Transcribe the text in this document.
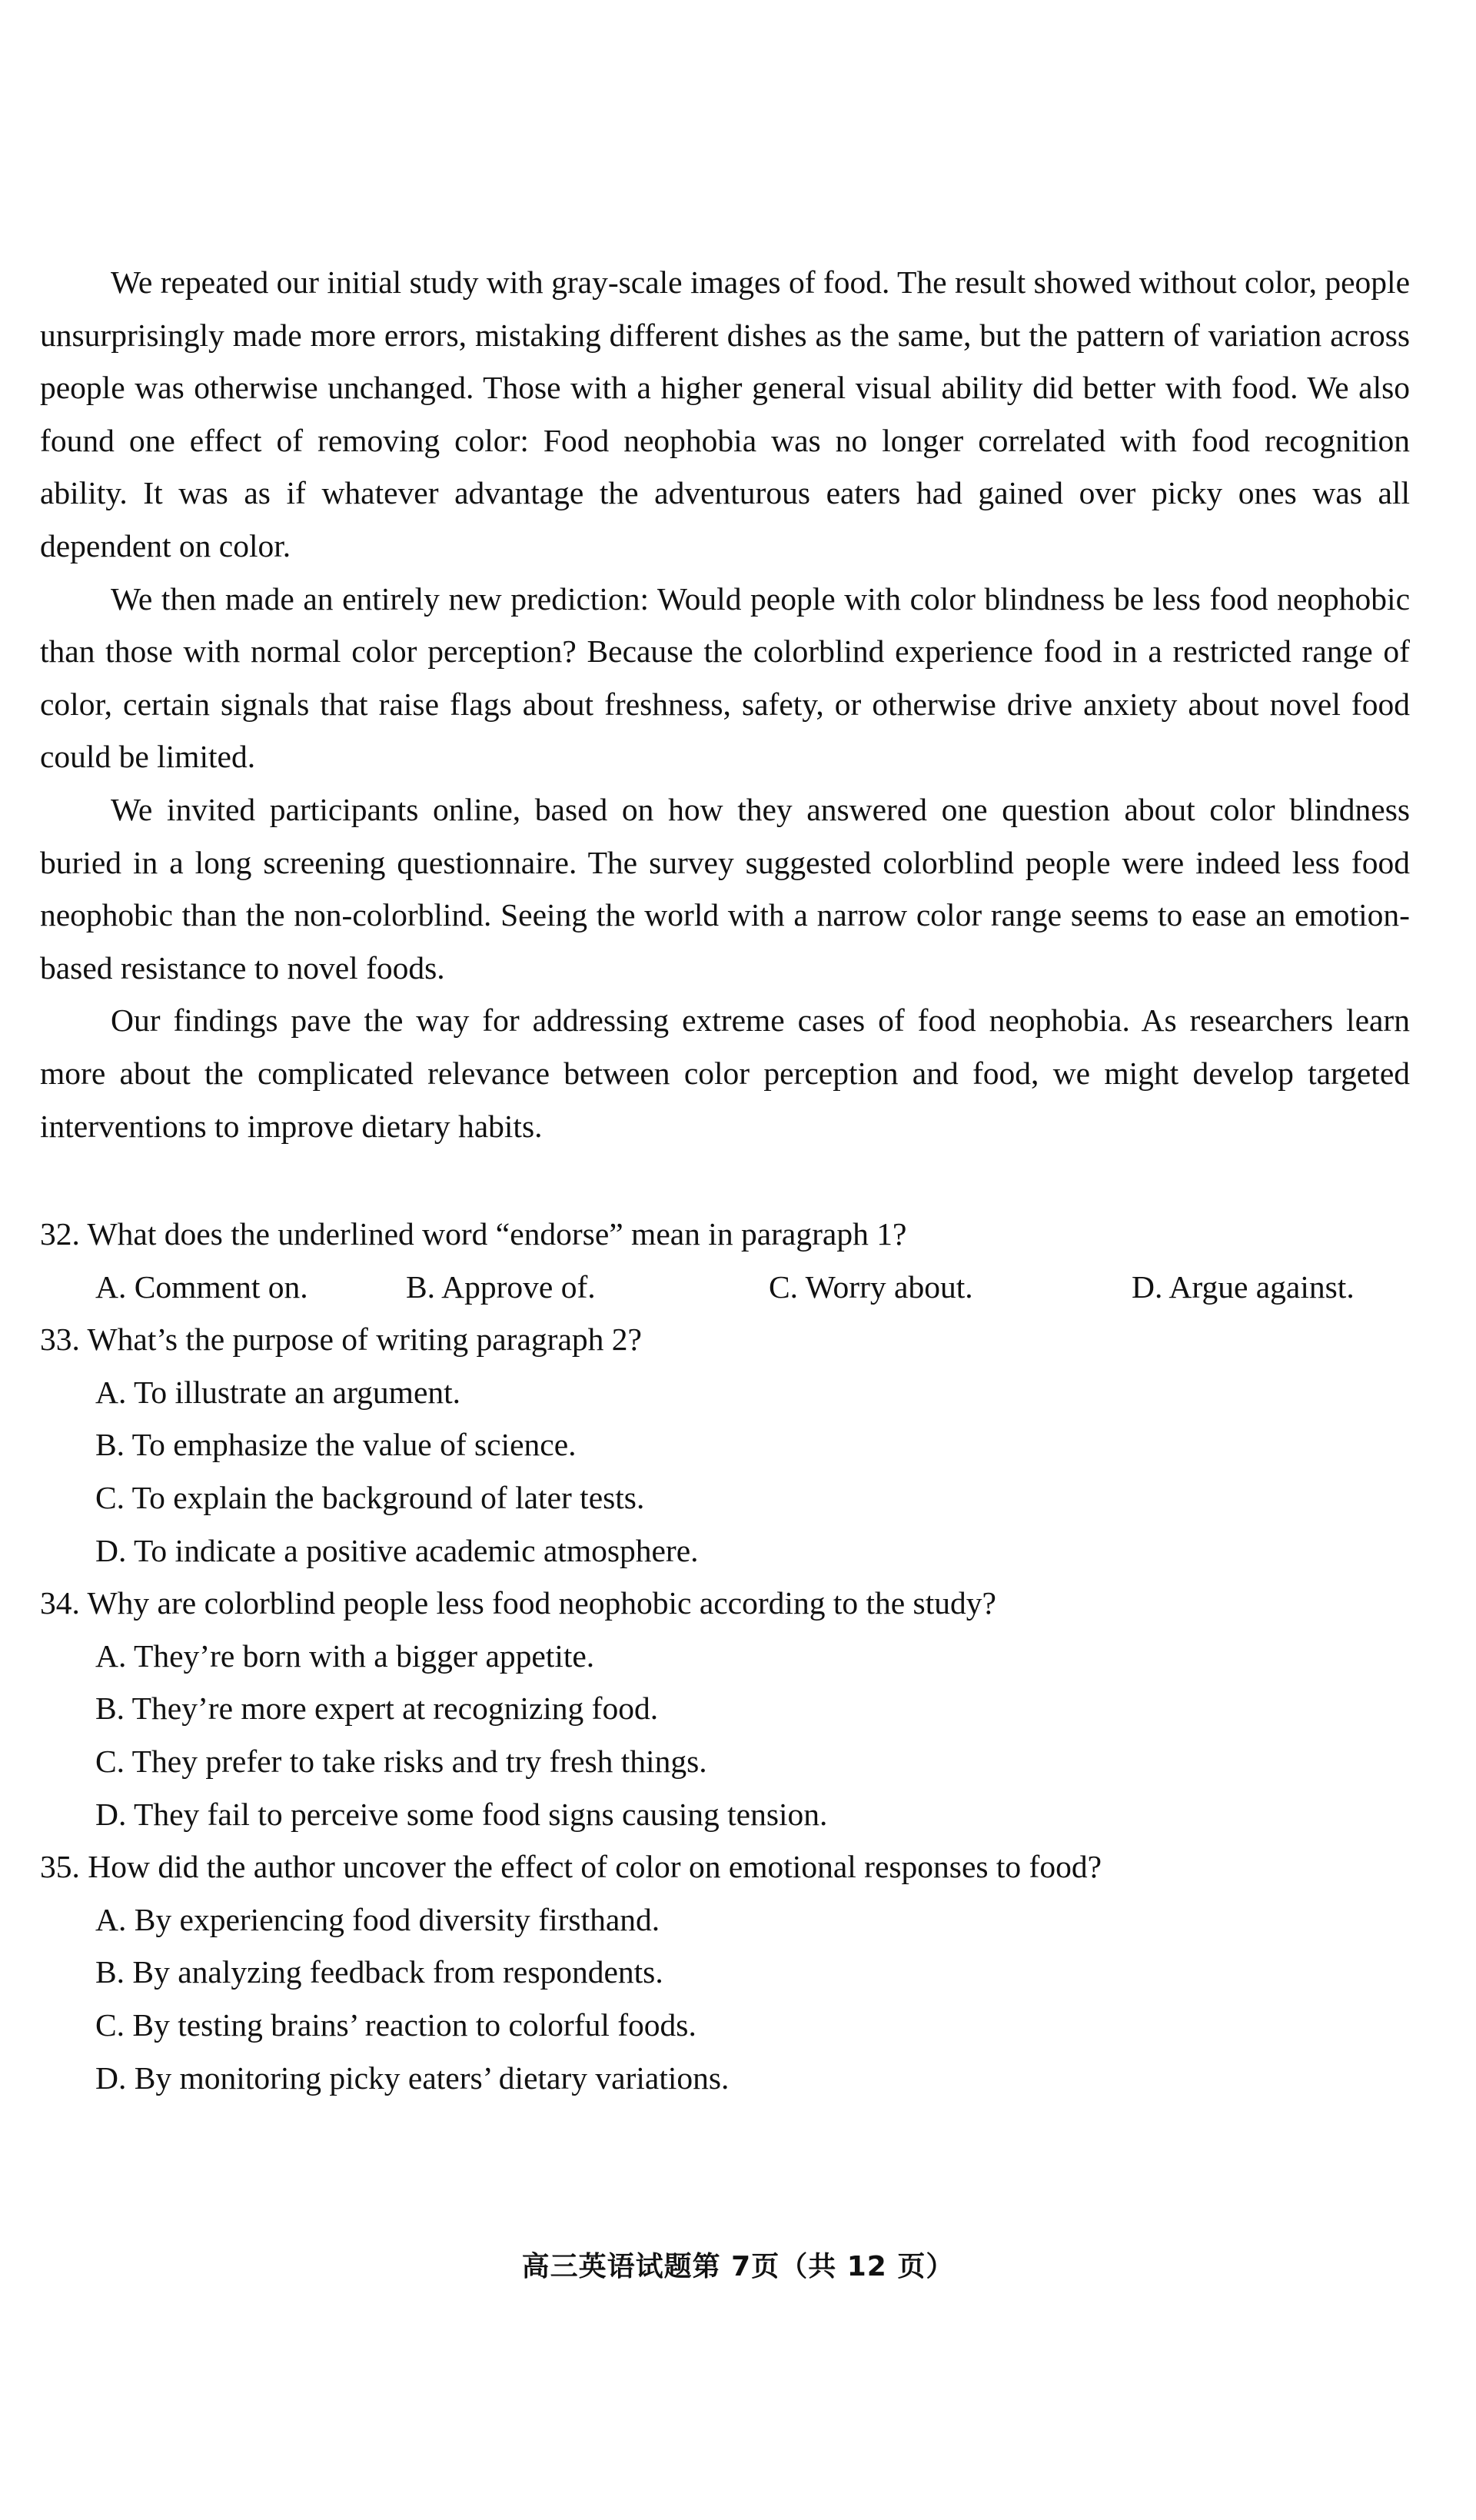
We repeated our initial study with gray-scale images of food. The result showed without color, people unsurprisingly made more errors, mistaking different dishes as the same, but the pattern of variation across people was otherwise unchanged. Those with a higher general visual ability did better with food. We also found one effect of removing color: Food neophobia was no longer correlated with food recognition ability. It was as if whatever advantage the adventurous eaters had gained over picky ones was all dependent on color.

We then made an entirely new prediction: Would people with color blindness be less food neophobic than those with normal color perception? Because the colorblind experience food in a restricted range of color, certain signals that raise flags about freshness, safety, or otherwise drive anxiety about novel food could be limited.

We invited participants online, based on how they answered one question about color blindness buried in a long screening questionnaire. The survey suggested colorblind people were indeed less food neophobic than the non-colorblind. Seeing the world with a narrow color range seems to ease an emotion-based resistance to novel foods.

Our findings pave the way for addressing extreme cases of food neophobia. As researchers learn more about the complicated relevance between color perception and food, we might develop targeted interventions to improve dietary habits.

32. What does the underlined word “endorse” mean in paragraph 1?

A. Comment on.	B. Approve of.	C. Worry about.	D. Argue against.

33. What’s the purpose of writing paragraph 2?

A. To illustrate an argument.
B. To emphasize the value of science.
C. To explain the background of later tests.
D. To indicate a positive academic atmosphere.

34. Why are colorblind people less food neophobic according to the study?

A. They’re born with a bigger appetite.
B. They’re more expert at recognizing food.
C. They prefer to take risks and try fresh things.
D. They fail to perceive some food signs causing tension.

35. How did the author uncover the effect of color on emotional responses to food?

A. By experiencing food diversity firsthand.
B. By analyzing feedback from respondents.
C. By testing brains’ reaction to colorful foods.
D. By monitoring picky eaters’ dietary variations.
高三英语试题第 7页（共 12 页）
